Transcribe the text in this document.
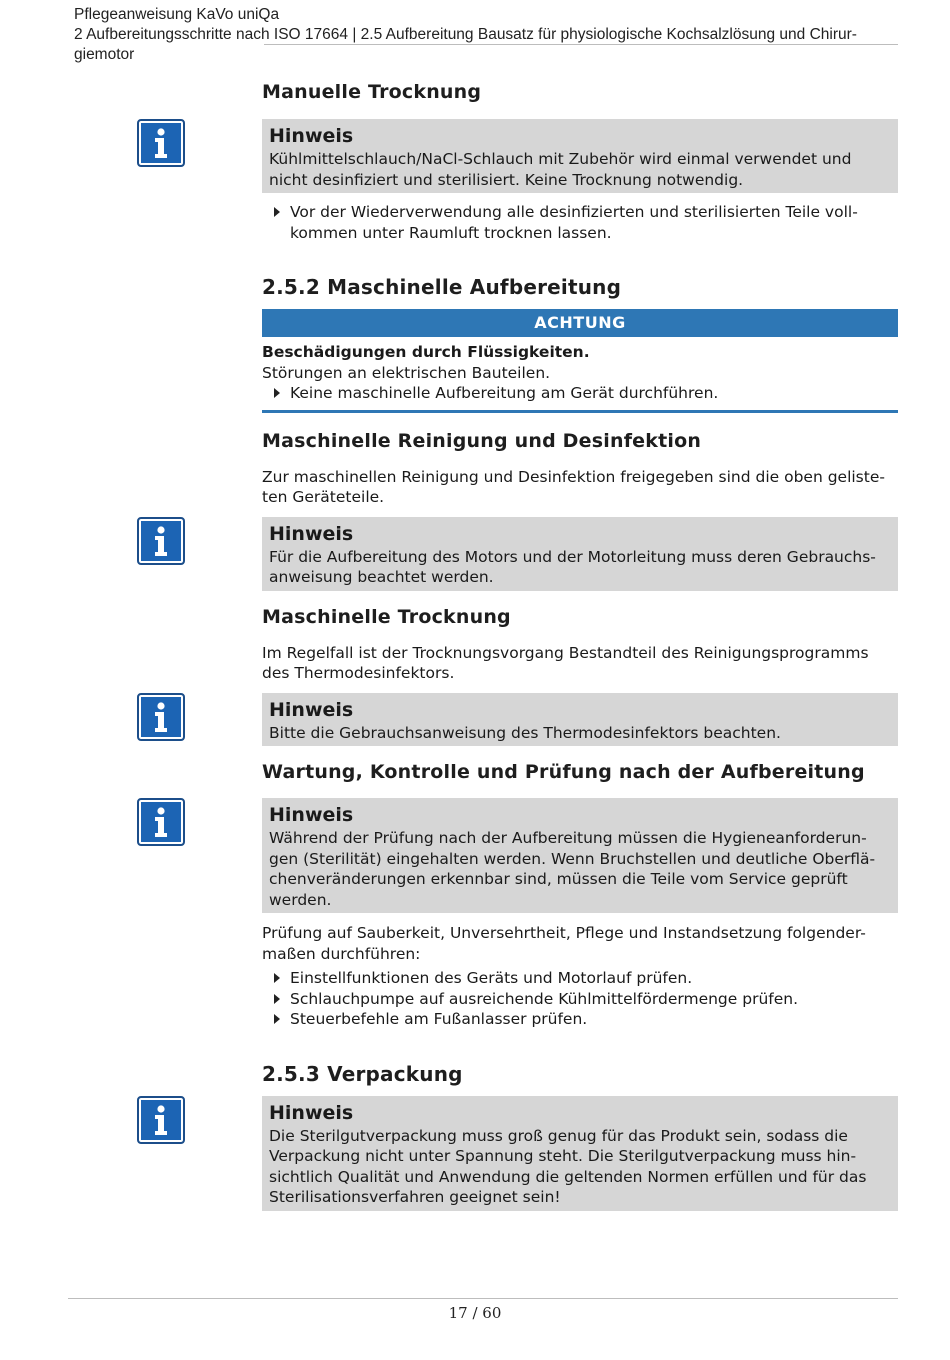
Pflegeanweisung KaVo uniQa
2 Aufbereitungsschritte nach ISO 17664 | 2.5 Aufbereitung Bausatz für physiologische Kochsalzlösung und Chirur-
giemotor
Manuelle Trocknung
Hinweis
Kühlmittelschlauch/NaCl-Schlauch mit Zubehör wird einmal verwendet und nicht desinfiziert und sterilisiert. Keine Trocknung notwendig.
Vor der Wiederverwendung alle desinfizierten und sterilisierten Teile voll-kommen unter Raumluft trocknen lassen.
2.5.2 Maschinelle Aufbereitung
ACHTUNG

Beschädigungen durch Flüssigkeiten.

Störungen an elektrischen Bauteilen.

Keine maschinelle Aufbereitung am Gerät durchführen.
Maschinelle Reinigung und Desinfektion

Zur maschinellen Reinigung und Desinfektion freigegeben sind die oben geliste-ten Geräteteile.

Hinweis
Für die Aufbereitung des Motors und der Motorleitung muss deren Gebrauchs-anweisung beachtet werden.
Maschinelle Trocknung

Im Regelfall ist der Trocknungsvorgang Bestandteil des Reinigungsprogramms des Thermodesinfektors.

Hinweis
Bitte die Gebrauchsanweisung des Thermodesinfektors beachten.
Wartung, Kontrolle und Prüfung nach der Aufbereitung
Hinweis
Während der Prüfung nach der Aufbereitung müssen die Hygieneanforderun-gen (Sterilität) eingehalten werden. Wenn Bruchstellen und deutliche Oberflä-chenveränderungen erkennbar sind, müssen die Teile vom Service geprüft werden.

Prüfung auf Sauberkeit, Unversehrtheit, Pflege und Instandsetzung folgender-maßen durchführen:

Einstellfunktionen des Geräts und Motorlauf prüfen.
Schlauchpumpe auf ausreichende Kühlmittelfördermenge prüfen.
Steuerbefehle am Fußanlasser prüfen.
2.5.3 Verpackung
Hinweis
Die Sterilgutverpackung muss groß genug für das Produkt sein, sodass die Verpackung nicht unter Spannung steht. Die Sterilgutverpackung muss hin-sichtlich Qualität und Anwendung die geltenden Normen erfüllen und für das Sterilisationsverfahren geeignet sein!
17 / 60
